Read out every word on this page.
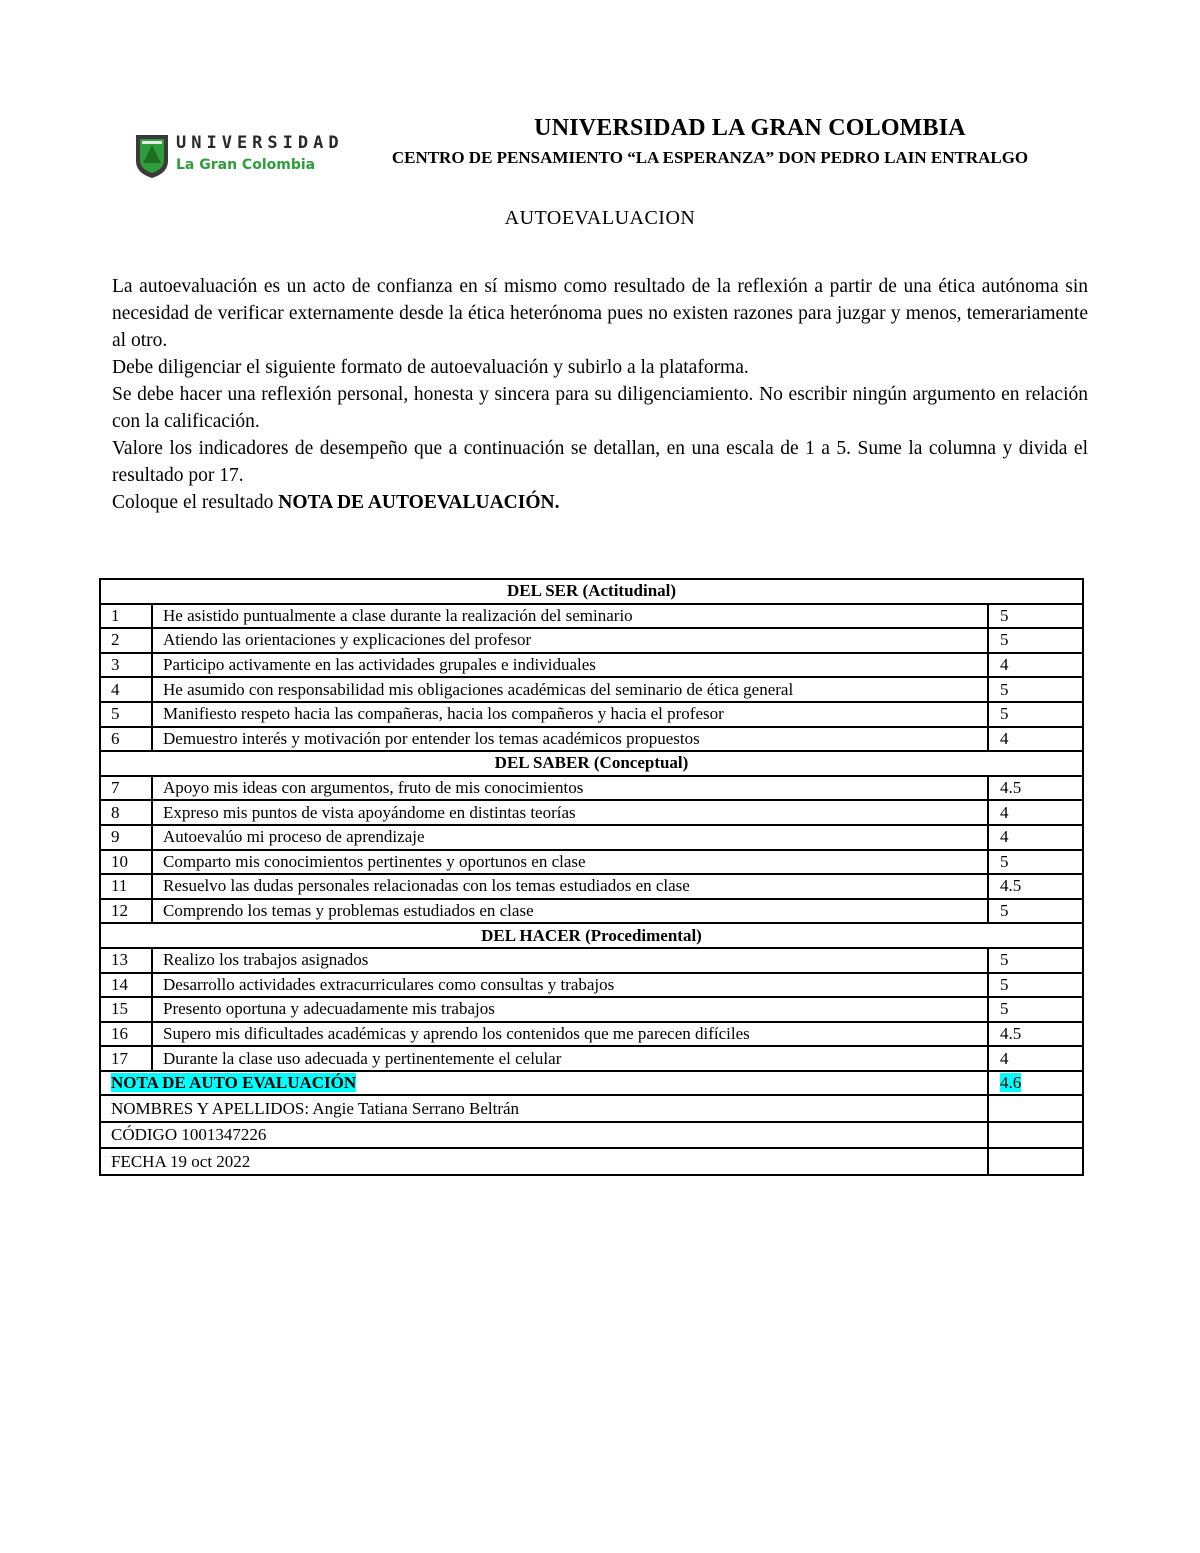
UNIVERSIDAD
La Gran Colombia
UNIVERSIDAD LA GRAN COLOMBIA
CENTRO DE PENSAMIENTO “LA ESPERANZA” DON PEDRO LAIN ENTRALGO
AUTOEVALUACION

La autoevaluación es un acto de confianza en sí mismo como resultado de la reflexión a partir de una ética autónoma sin necesidad de verificar externamente desde la ética heterónoma pues no existen razones para juzgar y menos, temerariamente al otro.

Debe diligenciar el siguiente formato de autoevaluación y subirlo a la plataforma.

Se debe hacer una reflexión personal, honesta y sincera para su diligenciamiento. No escribir ningún argumento en relación con la calificación.

Valore los indicadores de desempeño que a continuación se detallan, en una escala de 1 a 5. Sume la columna y divida el resultado por 17.

Coloque el resultado NOTA DE AUTOEVALUACIÓN.

DEL SER (Actitudinal)		
1	He asistido puntualmente a clase durante la realización del seminario	5
2	Atiendo las orientaciones y explicaciones del profesor	5
3	Participo activamente en las actividades grupales e individuales	4
4	He asumido con responsabilidad mis obligaciones académicas del seminario de ética general	5
5	Manifiesto respeto hacia las compañeras, hacia los compañeros y hacia el profesor	5
6	Demuestro interés y motivación por entender los temas académicos propuestos	4
DEL SABER (Conceptual)		
7	Apoyo mis ideas con argumentos, fruto de mis conocimientos	4.5
8	Expreso mis puntos de vista apoyándome en distintas teorías	4
9	Autoevalúo mi proceso de aprendizaje	4
10	Comparto mis conocimientos pertinentes y oportunos en clase	5
11	Resuelvo las dudas personales relacionadas con los temas estudiados en clase	4.5
12	Comprendo los temas y problemas estudiados en clase	5
DEL HACER (Procedimental)		
13	Realizo los trabajos asignados	5
14	Desarrollo actividades extracurriculares como consultas y trabajos	5
15	Presento oportuna y adecuadamente mis trabajos	5
16	Supero mis dificultades académicas y aprendo los contenidos que me parecen difíciles	4.5
17	Durante la clase uso adecuada y pertinentemente el celular	4
NOTA DE AUTO EVALUACIÓN		4.6
NOMBRES Y APELLIDOS: Angie Tatiana Serrano Beltrán		
CÓDIGO 1001347226		
FECHA 19 oct 2022		
